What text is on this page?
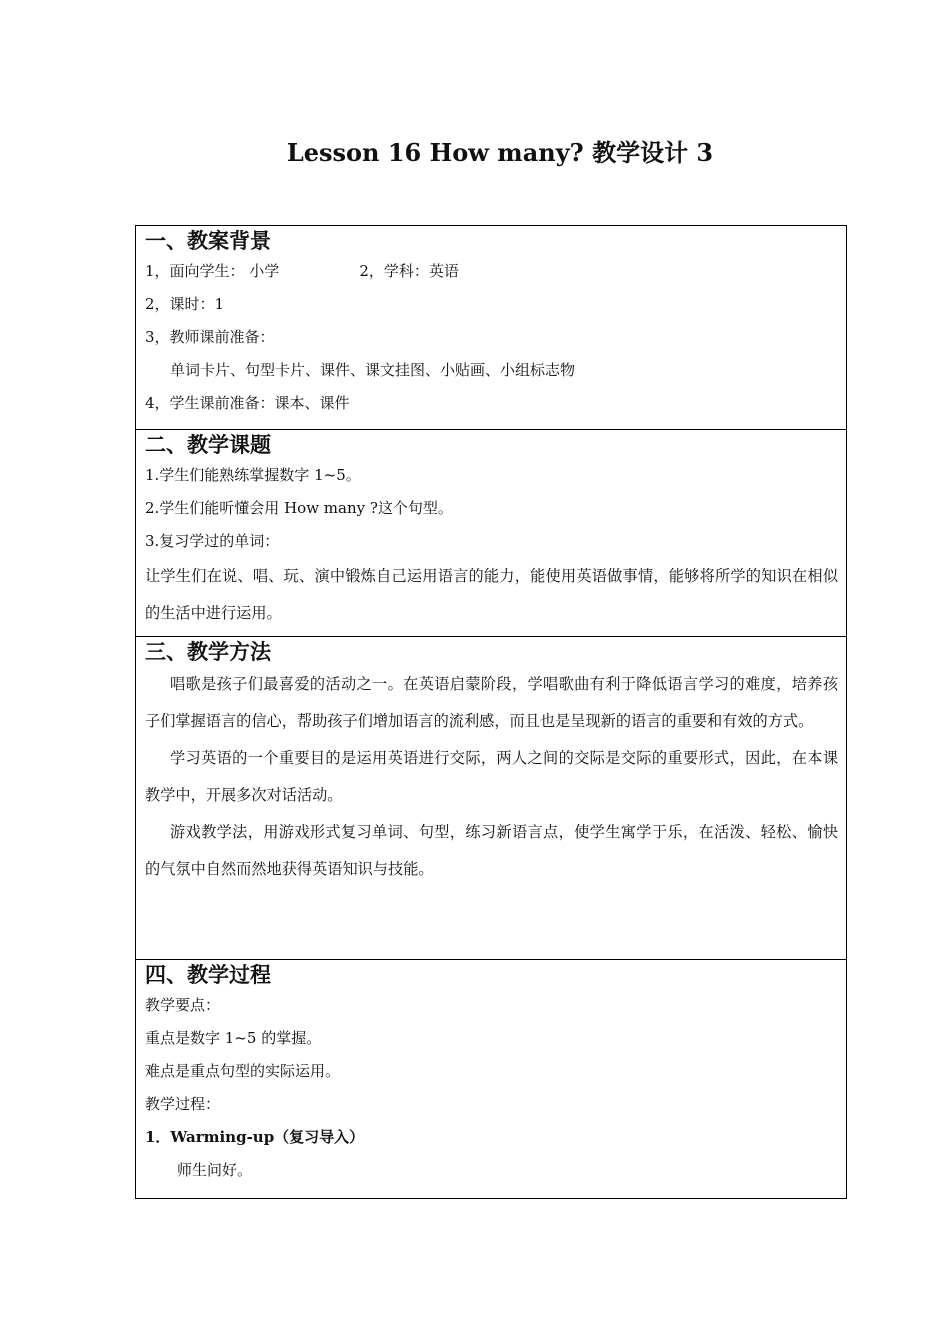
Lesson 16 How many? 教学设计 3
一、教案背景
1，面向学生： 小学	2，学科：英语
2，课时：1
3，教师课前准备：
单词卡片、句型卡片、课件、课文挂图、小贴画、小组标志物
4，学生课前准备：课本、课件
二、教学课题
1.学生们能熟练掌握数字 1~5。
2.学生们能听懂会用 How many ?这个句型。
3.复习学过的单词：
让学生们在说、唱、玩、演中锻炼自己运用语言的能力，能使用英语做事情，能够将所学的知识在相似的生活中进行运用。
三、教学方法
唱歌是孩子们最喜爱的活动之一。在英语启蒙阶段，学唱歌曲有利于降低语言学习的难度，培养孩子们掌握语言的信心，帮助孩子们增加语言的流利感，而且也是呈现新的语言的重要和有效的方式。
学习英语的一个重要目的是运用英语进行交际，两人之间的交际是交际的重要形式，因此，在本课教学中，开展多次对话活动。
游戏教学法，用游戏形式复习单词、句型，练习新语言点，使学生寓学于乐，在活泼、轻松、愉快的气氛中自然而然地获得英语知识与技能。
四、教学过程
教学要点：
重点是数字 1~5 的掌握。
难点是重点句型的实际运用。
教学过程：
1．Warming-up（复习导入）
师生问好。
